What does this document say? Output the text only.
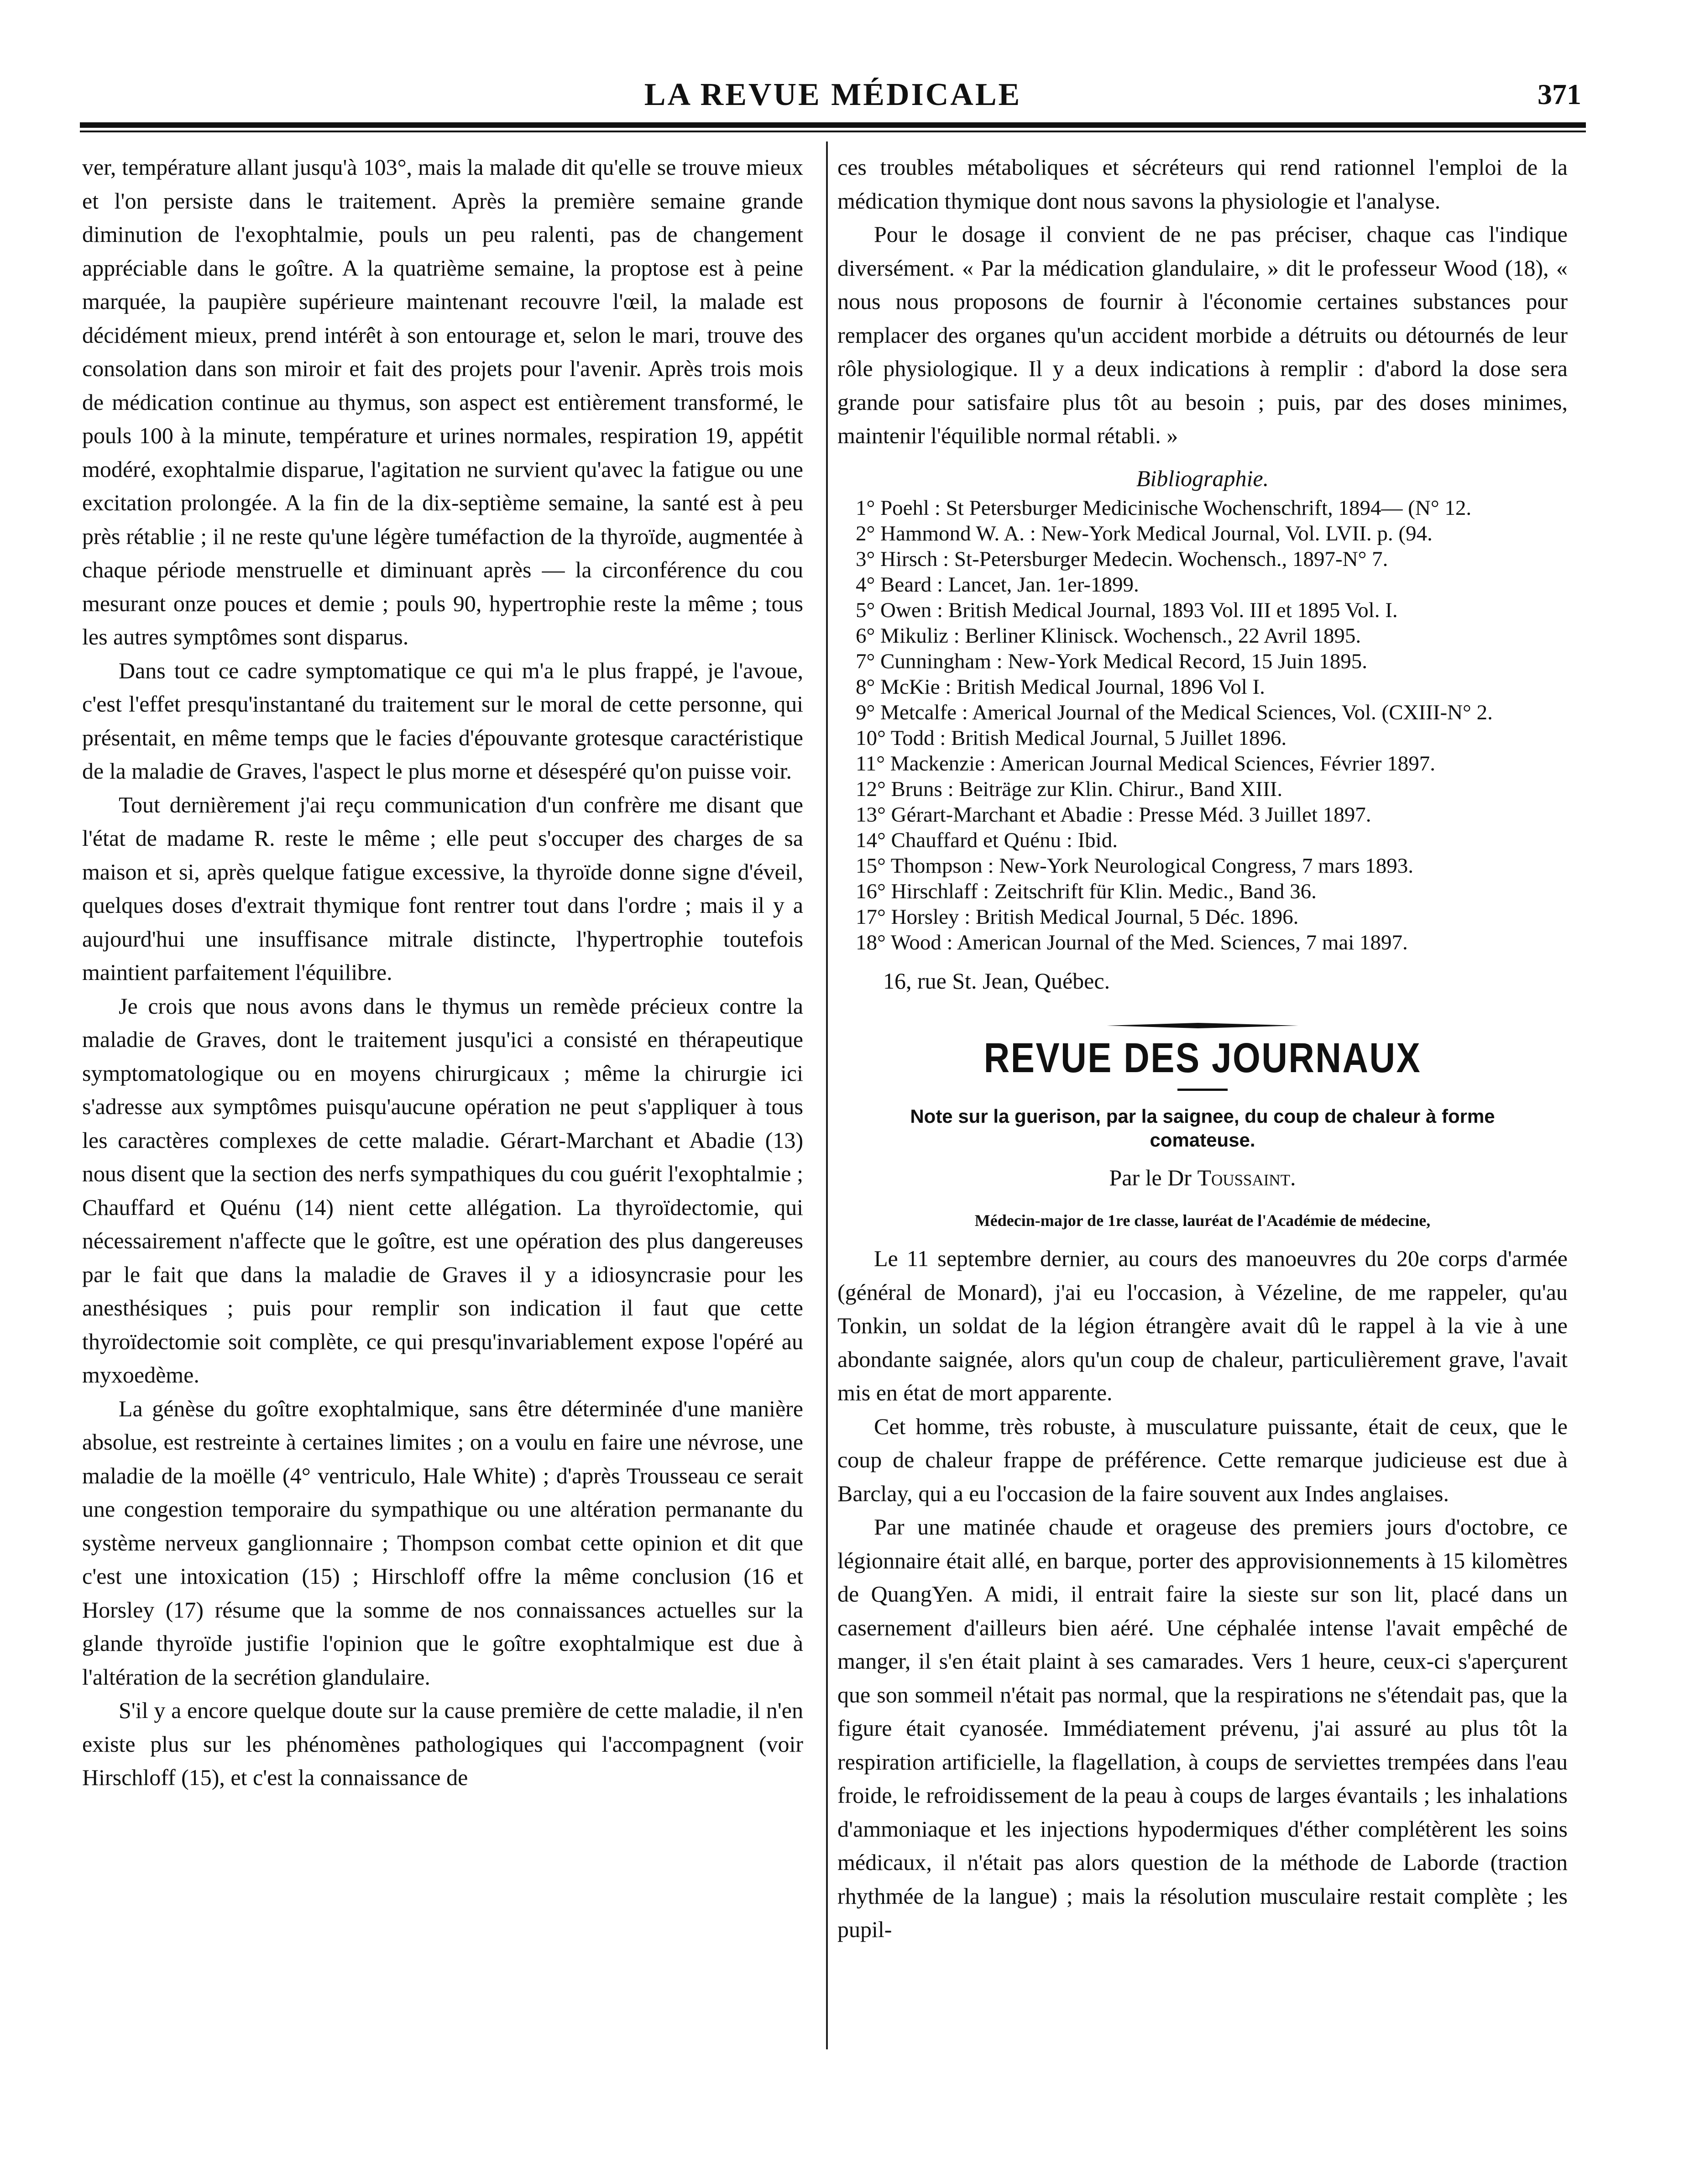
LA REVUE MÉDICALE	371

ver, température allant jusqu'à 103°, mais la malade dit qu'elle se trouve mieux et l'on persiste dans le traitement. Après la première semaine grande diminution de l'exophtalmie, pouls un peu ralenti, pas de changement appréciable dans le goître. A la quatrième semaine, la proptose est à peine marquée, la paupière supérieure maintenant recouvre l'œil, la malade est décidément mieux, prend intérêt à son entourage et, selon le mari, trouve des consolation dans son miroir et fait des projets pour l'avenir. Après trois mois de médication continue au thymus, son aspect est entièrement transformé, le pouls 100 à la minute, température et urines normales, respiration 19, appétit modéré, exophtalmie disparue, l'agitation ne survient qu'avec la fatigue ou une excitation prolongée. A la fin de la dix-septième semaine, la santé est à peu près rétablie ; il ne reste qu'une légère tuméfaction de la thyroïde, augmentée à chaque période menstruelle et diminuant après — la circonférence du cou mesurant onze pouces et demie ; pouls 90, hypertrophie reste la même ; tous les autres symptômes sont disparus.

Dans tout ce cadre symptomatique ce qui m'a le plus frappé, je l'avoue, c'est l'effet presqu'instantané du traitement sur le moral de cette personne, qui présentait, en même temps que le facies d'épouvante grotesque caractéristique de la maladie de Graves, l'aspect le plus morne et désespéré qu'on puisse voir.

Tout dernièrement j'ai reçu communication d'un confrère me disant que l'état de madame R. reste le même ; elle peut s'occuper des charges de sa maison et si, après quelque fatigue excessive, la thyroïde donne signe d'éveil, quelques doses d'extrait thymique font rentrer tout dans l'ordre ; mais il y a aujourd'hui une insuffisance mitrale distincte, l'hypertrophie toutefois maintient parfaitement l'équilibre.

Je crois que nous avons dans le thymus un remède précieux contre la maladie de Graves, dont le traitement jusqu'ici a consisté en thérapeutique symptomatologique ou en moyens chirurgicaux ; même la chirurgie ici s'adresse aux symptômes puisqu'aucune opération ne peut s'appliquer à tous les caractères complexes de cette maladie. Gérart-Marchant et Abadie (13) nous disent que la section des nerfs sympathiques du cou guérit l'exophtalmie ; Chauffard et Quénu (14) nient cette allégation. La thyroïdectomie, qui nécessairement n'affecte que le goître, est une opération des plus dangereuses par le fait que dans la maladie de Graves il y a idiosyncrasie pour les anesthésiques ; puis pour remplir son indication il faut que cette thyroïdectomie soit complète, ce qui presqu'invariablement expose l'opéré au myxoedème.

La génèse du goître exophtalmique, sans être déterminée d'une manière absolue, est restreinte à certaines limites ; on a voulu en faire une névrose, une maladie de la moëlle (4° ventriculo, Hale White) ; d'après Trousseau ce serait une congestion temporaire du sympathique ou une altération permanante du système nerveux ganglionnaire ; Thompson combat cette opinion et dit que c'est une intoxication (15) ; Hirschloff offre la même conclusion (16 et Horsley (17) résume que la somme de nos connaissances actuelles sur la glande thyroïde justifie l'opinion que le goître exophtalmique est due à l'altération de la secrétion glandulaire.

S'il y a encore quelque doute sur la cause première de cette maladie, il n'en existe plus sur les phénomènes pathologiques qui l'accompagnent (voir Hirschloff (15), et c'est la connaissance de

ces troubles métaboliques et sécréteurs qui rend rationnel l'emploi de la médication thymique dont nous savons la physiologie et l'analyse.

Pour le dosage il convient de ne pas préciser, chaque cas l'indique diversément. « Par la médication glandulaire, » dit le professeur Wood (18), « nous nous proposons de fournir à l'économie certaines substances pour remplacer des organes qu'un accident morbide a détruits ou détournés de leur rôle physiologique. Il y a deux indications à remplir : d'abord la dose sera grande pour satisfaire plus tôt au besoin ; puis, par des doses minimes, maintenir l'équilible normal rétabli. »

Bibliographie.

1° Poehl : St Petersburger Medicinische Wochenschrift, 1894— (N° 12.
2° Hammond W. A. : New-York Medical Journal, Vol. LVII. p. (94.
3° Hirsch : St-Petersburger Medecin. Wochensch., 1897-N° 7.
4° Beard : Lancet, Jan. 1er-1899.
5° Owen : British Medical Journal, 1893 Vol. III et 1895 Vol. I.
6° Mikuliz : Berliner Klinisck. Wochensch., 22 Avril 1895.
7° Cunningham : New-York Medical Record, 15 Juin 1895.
8° McKie : British Medical Journal, 1896 Vol I.
9° Metcalfe : Americal Journal of the Medical Sciences, Vol. (CXIII-N° 2.
10° Todd : British Medical Journal, 5 Juillet 1896.
11° Mackenzie : American Journal Medical Sciences, Février 1897.
12° Bruns : Beiträge zur Klin. Chirur., Band XIII.
13° Gérart-Marchant et Abadie : Presse Méd. 3 Juillet 1897.
14° Chauffard et Quénu : Ibid.
15° Thompson : New-York Neurological Congress, 7 mars 1893.
16° Hirschlaff : Zeitschrift für Klin. Medic., Band 36.
17° Horsley : British Medical Journal, 5 Déc. 1896.
18° Wood : American Journal of the Med. Sciences, 7 mai 1897.

16, rue St. Jean, Québec.

REVUE DES JOURNAUX
Note sur la guerison, par la saignee, du coup de chaleur à forme comateuse.

Par le Dr Toussaint.

Médecin-major de 1re classe, lauréat de l'Académie de médecine,

Le 11 septembre dernier, au cours des manoeuvres du 20e corps d'armée (général de Monard), j'ai eu l'occasion, à Vézeline, de me rappeler, qu'au Tonkin, un soldat de la légion étrangère avait dû le rappel à la vie à une abondante saignée, alors qu'un coup de chaleur, particulièrement grave, l'avait mis en état de mort apparente.

Cet homme, très robuste, à musculature puissante, était de ceux, que le coup de chaleur frappe de préférence. Cette remarque judicieuse est due à Barclay, qui a eu l'occasion de la faire souvent aux Indes anglaises.

Par une matinée chaude et orageuse des premiers jours d'octobre, ce légionnaire était allé, en barque, porter des approvisionnements à 15 kilomètres de QuangYen. A midi, il entrait faire la sieste sur son lit, placé dans un casernement d'ailleurs bien aéré. Une céphalée intense l'avait empêché de manger, il s'en était plaint à ses camarades. Vers 1 heure, ceux-ci s'aperçurent que son sommeil n'était pas normal, que la respirations ne s'étendait pas, que la figure était cyanosée. Immédiatement prévenu, j'ai assuré au plus tôt la respiration artificielle, la flagellation, à coups de serviettes trempées dans l'eau froide, le refroidissement de la peau à coups de larges évantails ; les inhalations d'ammoniaque et les injections hypodermiques d'éther complétèrent les soins médicaux, il n'était pas alors question de la méthode de Laborde (traction rhythmée de la langue) ; mais la résolution musculaire restait complète ; les pupil-
